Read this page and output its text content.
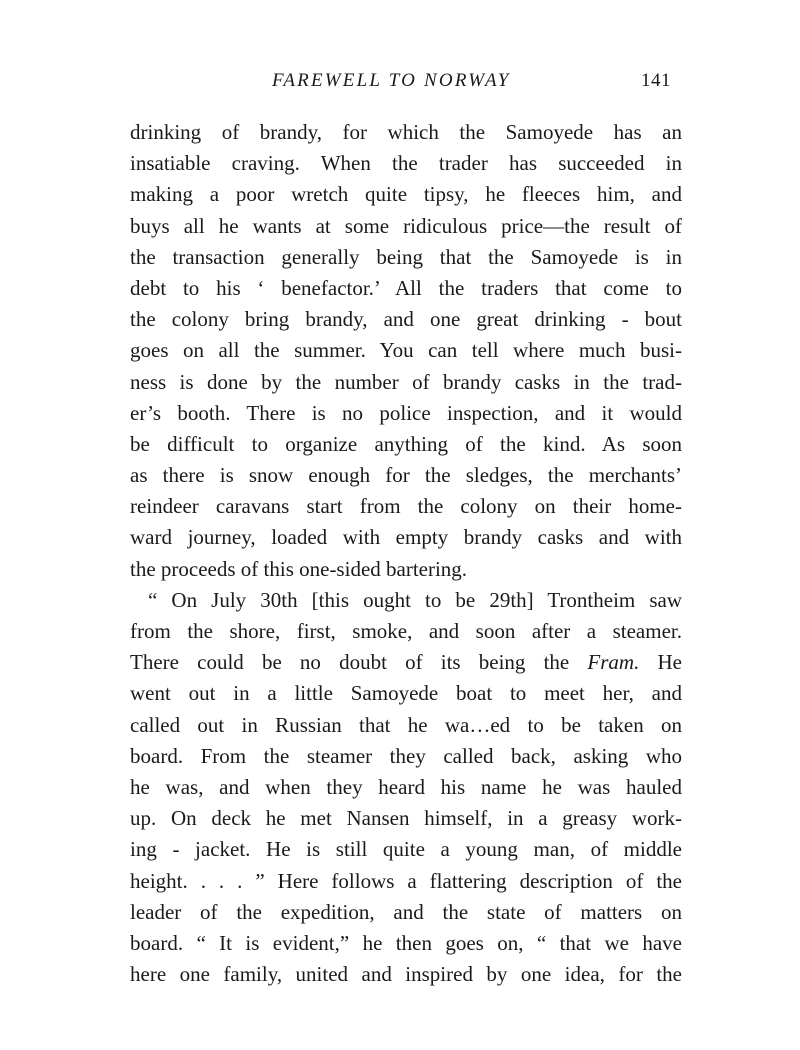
FAREWELL TO NORWAY	141
drinking of brandy, for which the Samoyede has an
insatiable craving. When the trader has succeeded in
making a poor wretch quite tipsy, he fleeces him, and
buys all he wants at some ridiculous price—the result of
the transaction generally being that the Samoyede is in
debt to his ‘ benefactor.’ All the traders that come to
the colony bring brandy, and one great drinking - bout
goes on all the summer. You can tell where much busi-
ness is done by the number of brandy casks in the trad-
er’s booth. There is no police inspection, and it would
be difficult to organize anything of the kind. As soon
as there is snow enough for the sledges, the merchants’
reindeer caravans start from the colony on their home-
ward journey, loaded with empty brandy casks and with
the proceeds of this one-sided bartering.
“ On July 30th [this ought to be 29th] Trontheim saw
from the shore, first, smoke, and soon after a steamer.
There could be no doubt of its being the Fram. He
went out in a little Samoyede boat to meet her, and
called out in Russian that he wa…ed to be taken on
board. From the steamer they called back, asking who
he was, and when they heard his name he was hauled
up. On deck he met Nansen himself, in a greasy work-
ing - jacket. He is still quite a young man, of middle
height. . . . ” Here follows a flattering description of the
leader of the expedition, and the state of matters on
board. “ It is evident,” he then goes on, “ that we have
here one family, united and inspired by one idea, for the
